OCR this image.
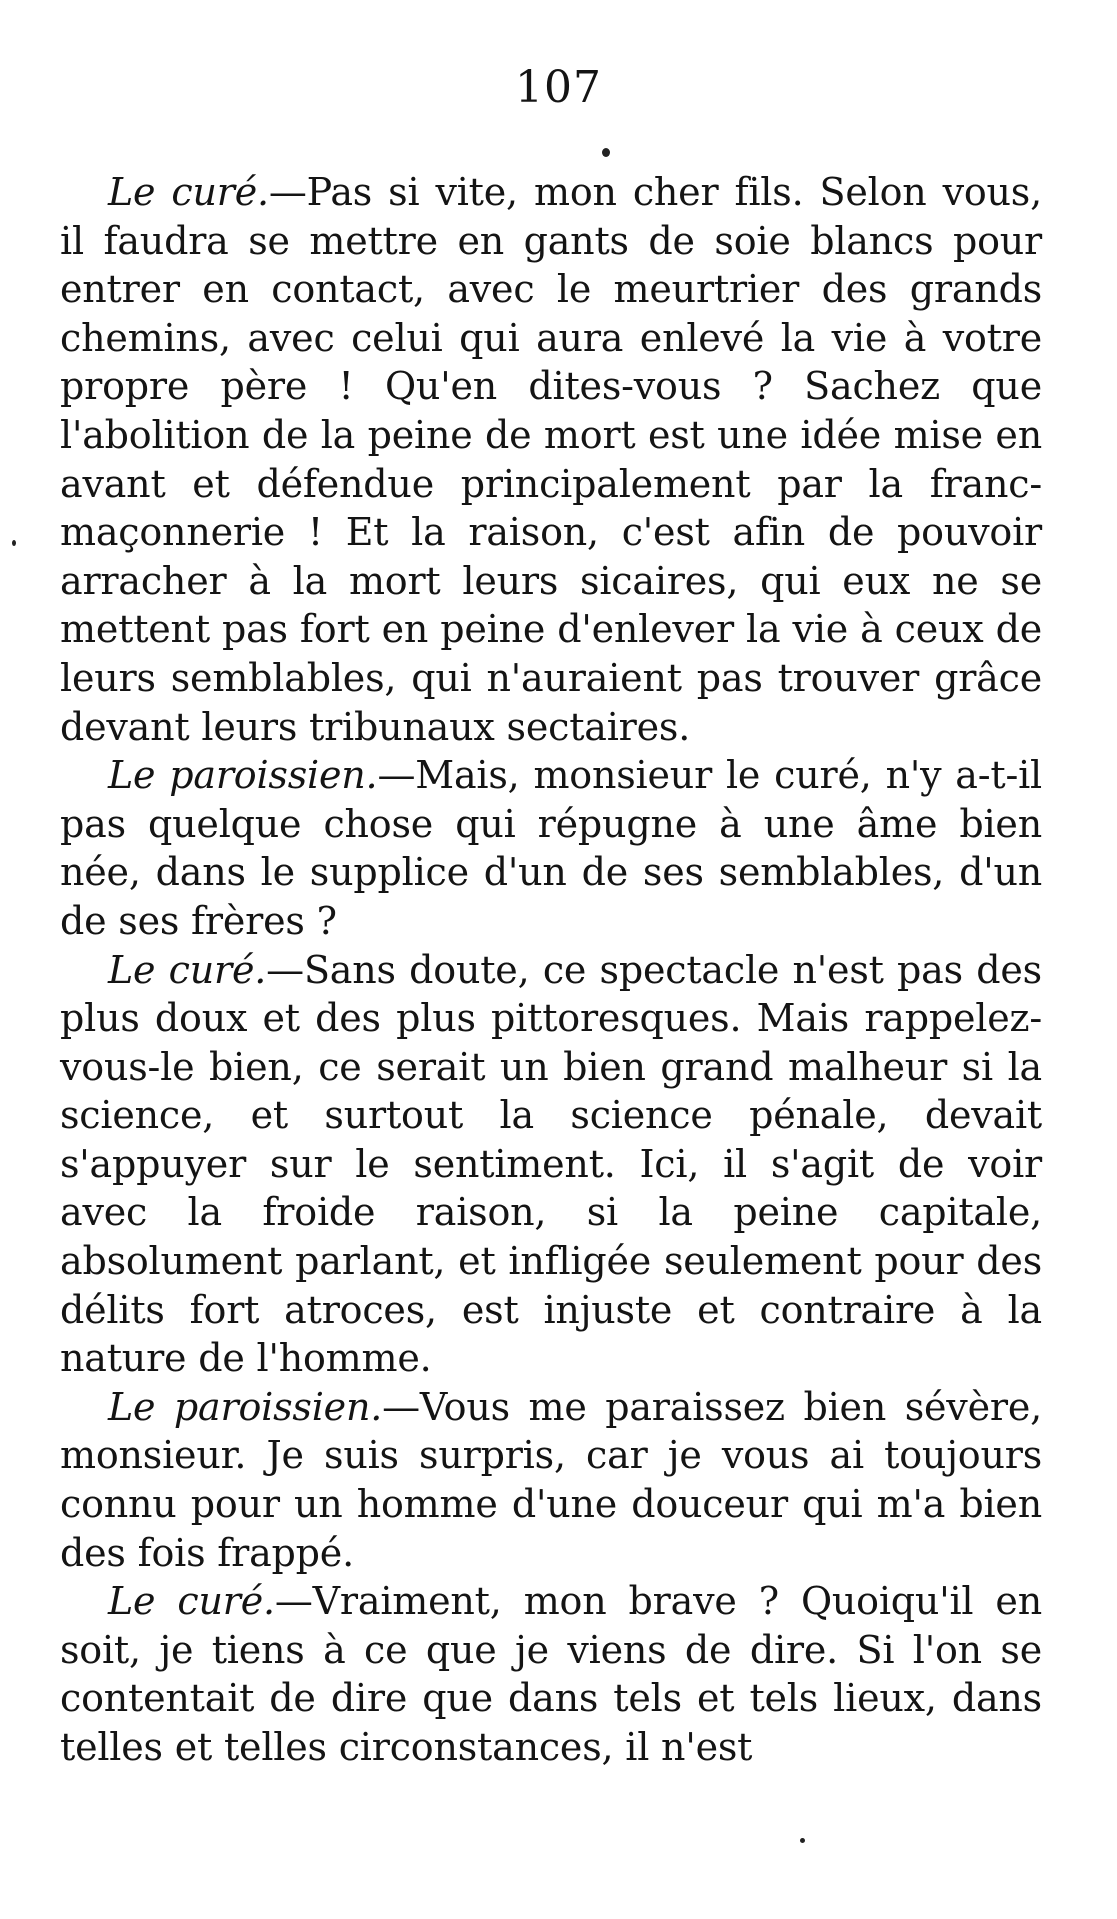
107

Le curé.—Pas si vite, mon cher fils. Selon vous, il faudra se mettre en gants de soie blancs pour entrer en contact, avec le meurtrier des grands chemins, avec celui qui aura enlevé la vie à votre propre père ! Qu'en dites-vous ? Sachez que l'abolition de la peine de mort est une idée mise en avant et défendue principalement par la franc-maçonnerie ! Et la raison, c'est afin de pouvoir arracher à la mort leurs sicaires, qui eux ne se mettent pas fort en peine d'enlever la vie à ceux de leurs semblables, qui n'auraient pas trouver grâce devant leurs tribunaux sectaires.

Le paroissien.—Mais, monsieur le curé, n'y a-t-il pas quelque chose qui répugne à une âme bien née, dans le supplice d'un de ses semblables, d'un de ses frères ?

Le curé.—Sans doute, ce spectacle n'est pas des plus doux et des plus pittoresques. Mais rappelez-vous-le bien, ce serait un bien grand malheur si la science, et surtout la science pénale, devait s'appuyer sur le sentiment. Ici, il s'agit de voir avec la froide raison, si la peine capitale, absolument parlant, et infligée seulement pour des délits fort atroces, est injuste et contraire à la nature de l'homme.

Le paroissien.—Vous me paraissez bien sévère, monsieur. Je suis surpris, car je vous ai toujours connu pour un homme d'une douceur qui m'a bien des fois frappé.

Le curé.—Vraiment, mon brave ? Quoiqu'il en soit, je tiens à ce que je viens de dire. Si l'on se contentait de dire que dans tels et tels lieux, dans telles et telles circonstances, il n'est
